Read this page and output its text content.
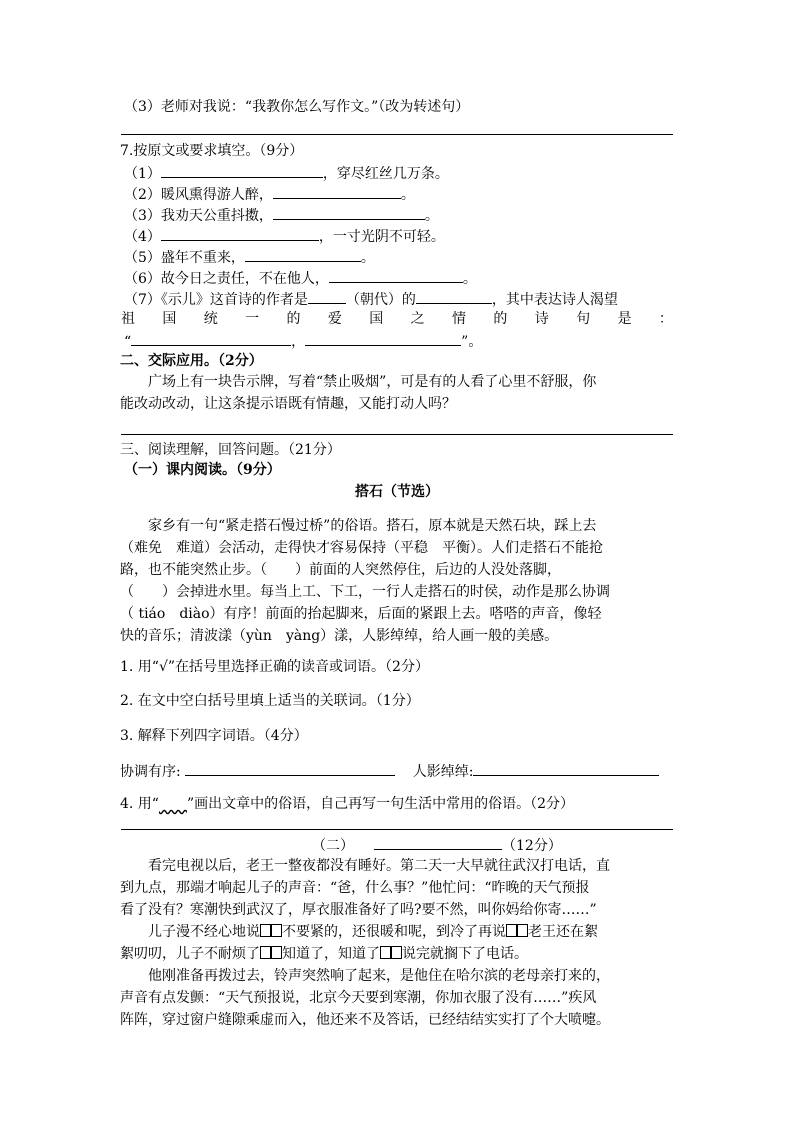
（3）老师对我说：“我教你怎么写作文。”（改为转述句）
7.按原文或要求填空。（9分）
（1）	，穿尽红丝几万条。
（2）暖风熏得游人醉，	。
（3）我劝天公重抖擞，	。
（4）	，一寸光阴不可轻。
（5）盛年不重来，	。
（6）故今日之责任，不在他人，	。
（7）《示儿》这首诗的作者是	（朝代）的	，其中表达诗人渴望
祖 国 统 一 的 爱 国 之 情 的 诗 句 是 ：
“	，	”。
二、交际应用。（2分）
广场上有一块告示牌，写着“禁止吸烟”，可是有的人看了心里不舒服，你
能改动改动，让这条提示语既有情趣，又能打动人吗？
三、阅读理解，回答问题。（21分）
（一）课内阅读。（9分）
搭石（节选）
家乡有一句“紧走搭石慢过桥”的俗语。搭石，原本就是天然石块，踩上去
（难免　难道）会活动，走得快才容易保持（平稳　平衡）。人们走搭石不能抢
路，也不能突然止步。（　　）前面的人突然停住，后边的人没处落脚，
（　　）会掉进水里。每当上工、下工，一行人走搭石的时侯，动作是那么协调
（ tiáo　diào）有序！前面的抬起脚来，后面的紧跟上去。嗒嗒的声音，像轻
快的音乐；清波漾（yùn　yàng）漾，人影绰绰，给人画一般的美感。
1. 用“√”在括号里选择正确的读音或词语。（2分）
2. 在文中空白括号里填上适当的关联词。（1分）
3. 解释下列四字词语。（4分）
协调有序:	人影绰绰:
4. 用“　　 ”画出文章中的俗语，自己再写一句生活中常用的俗语。（2分）
（二）	（12分）
看完电视以后，老王一整夜都没有睡好。第二天一大早就往武汉打电话，直
到九点，那端才响起儿子的声音：“爸，什么事？”他忙问：“昨晚的天气预报
看了没有？寒潮快到武汉了，厚衣服准备好了吗?要不然，叫你妈给你寄……”
儿子漫不经心地说 不要紧的，还很暖和呢，到冷了再说 老王还在絮
絮叨叨，儿子不耐烦了 知道了，知道了 说完就搁下了电话。
他刚准备再拨过去，铃声突然响了起来，是他住在哈尔滨的老母亲打来的，
声音有点发颤：“天气预报说，北京今天要到寒潮，你加衣服了没有……”疾风
阵阵，穿过窗户缝隙乘虚而入，他还来不及答话，已经结结实实打了个大喷嚏。
